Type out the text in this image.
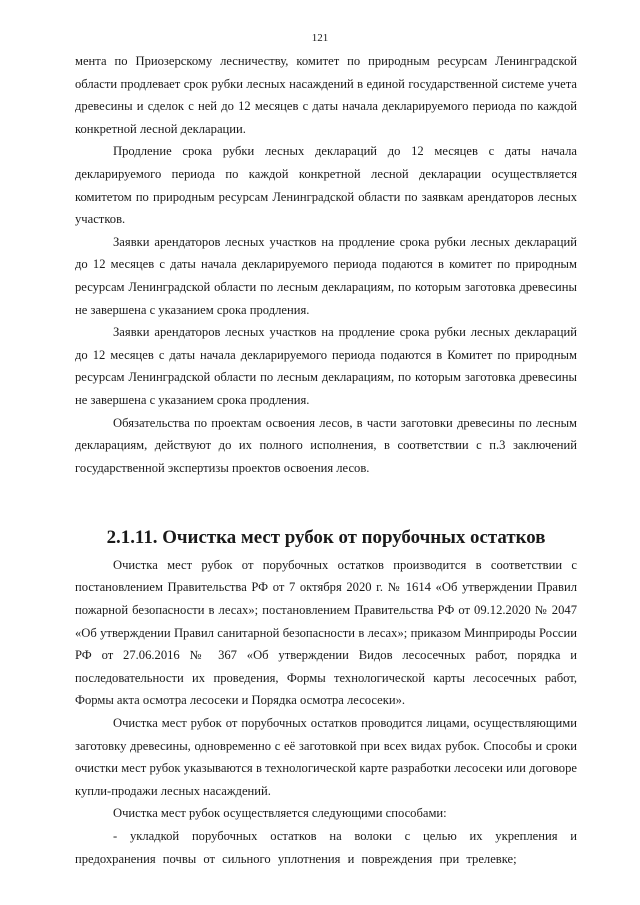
121

мента по Приозерскому лесничеству, комитет по природным ресурсам Ленинградской области продлевает срок рубки лесных насаждений в единой государственной системе учета древесины и сделок с ней до 12 месяцев с даты начала декларируемого периода по каждой конкретной лесной декларации.

Продление срока рубки лесных деклараций до 12 месяцев с даты начала декларируемого периода по каждой конкретной лесной декларации осуществляется комитетом по природным ресурсам Ленинградской области по заявкам арендаторов лесных участков.

Заявки арендаторов лесных участков на продление срока рубки лесных деклараций до 12 месяцев с даты начала декларируемого периода подаются в комитет по природным ресурсам Ленинградской области по лесным декларациям, по которым заготовка древесины не завершена с указанием срока продления.

Заявки арендаторов лесных участков на продление срока рубки лесных деклараций до 12 месяцев с даты начала декларируемого периода подаются в Комитет по природным ресурсам Ленинградской области по лесным декларациям, по которым заготовка древесины не завершена с указанием срока продления.

Обязательства по проектам освоения лесов, в части заготовки древесины по лесным декларациям, действуют до их полного исполнения, в соответствии с п.3 заключений государственной экспертизы проектов освоения лесов.

2.1.11. Очистка мест рубок от порубочных остатков

Очистка мест рубок от порубочных остатков производится в соответствии с постановлением Правительства РФ от 7 октября 2020 г. № 1614 «Об утверждении Правил пожарной безопасности в лесах»; постановлением Правительства РФ от 09.12.2020 № 2047 «Об утверждении Правил санитарной безопасности в лесах»; приказом Минприроды России РФ от 27.06.2016 № 367 «Об утверждении Видов лесосечных работ, порядка и последовательности их проведения, Формы технологической карты лесосечных работ, Формы акта осмотра лесосеки и Порядка осмотра лесосеки».

Очистка мест рубок от порубочных остатков проводится лицами, осуществляющими заготовку древесины, одновременно с её заготовкой при всех видах рубок. Способы и сроки очистки мест рубок указываются в технологической карте разработки лесосеки или договоре купли-продажи лесных насаждений.

Очистка мест рубок осуществляется следующими способами:

- укладкой порубочных остатков на волоки с целью их укрепления и предохранения почвы от сильного уплотнения и повреждения при трелевке;
